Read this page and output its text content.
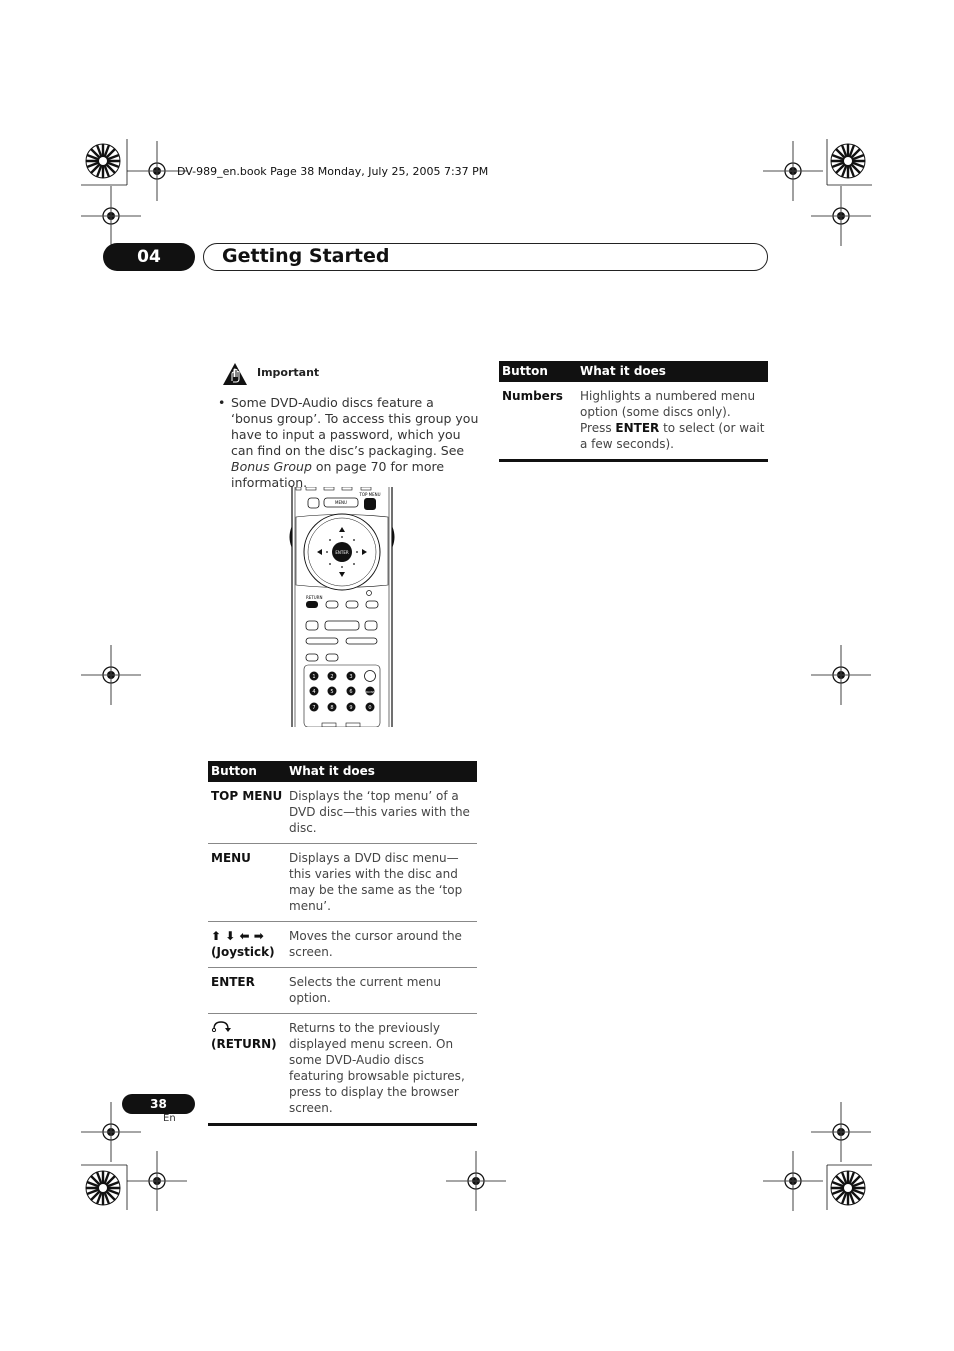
DV-989_en.book Page 38 Monday, July 25, 2005 7:37 PM
04	Getting Started
Important
• Some DVD-Audio discs feature a ‘bonus group’. To access this group you have to input a password, which you can find on the disc’s packaging. See Bonus Group on page 70 for more information.
MENU
TOP MENU
ENTER
RETURN
1	2	3
4	5	6	PAUSE
7	8	9	0
Button	What it does
TOP MENU	Displays the ‘top menu’ of a DVD disc—this varies with the disc.
MENU	Displays a DVD disc menu—this varies with the disc and may be the same as the ‘top menu’.
⬆ ⬇ ⬅ ➡
(Joystick)	Moves the cursor around the screen.
ENTER	Selects the current menu option.

(RETURN)	Returns to the previously displayed menu screen. On some DVD-Audio discs featuring browsable pictures, press to display the browser screen.
Button	What it does
Numbers	Highlights a numbered menu option (some discs only). Press ENTER to select (or wait a few seconds).
38
En
